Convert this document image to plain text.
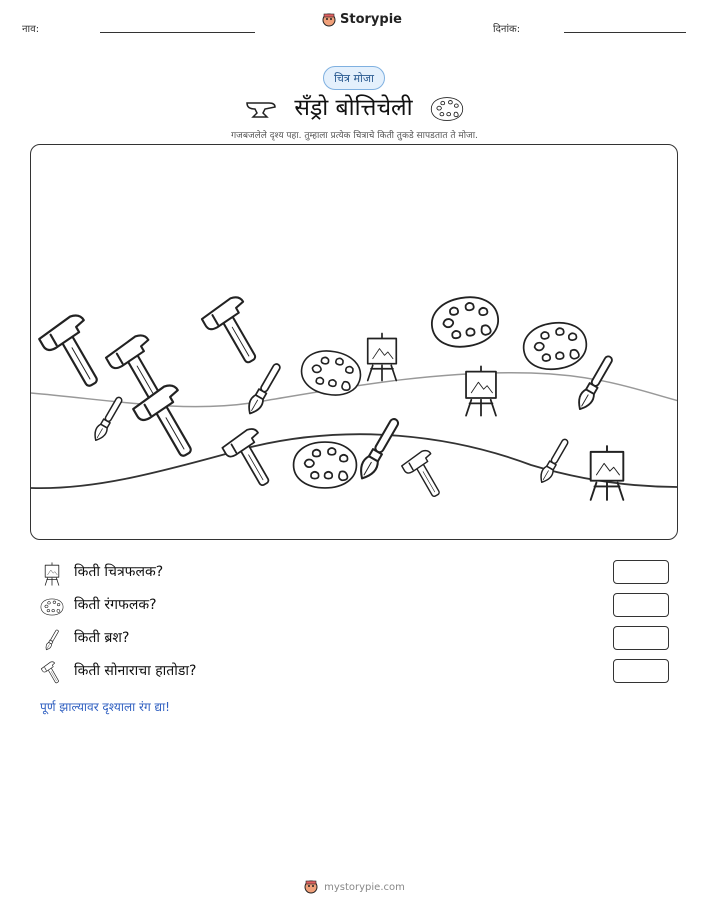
नाव:
Storypie
दिनांक:
चित्र मोजा
सँड्रो बोत्तिचेली
गजबजलेले दृश्य पहा. तुम्हाला प्रत्येक चित्राचे किती तुकडे सापडतात ते मोजा.
किती चित्रफलक?
किती रंगफलक?
किती ब्रश?
किती सोनाराचा हातोडा?
पूर्ण झाल्यावर दृश्याला रंग द्या!
mystorypie.com
